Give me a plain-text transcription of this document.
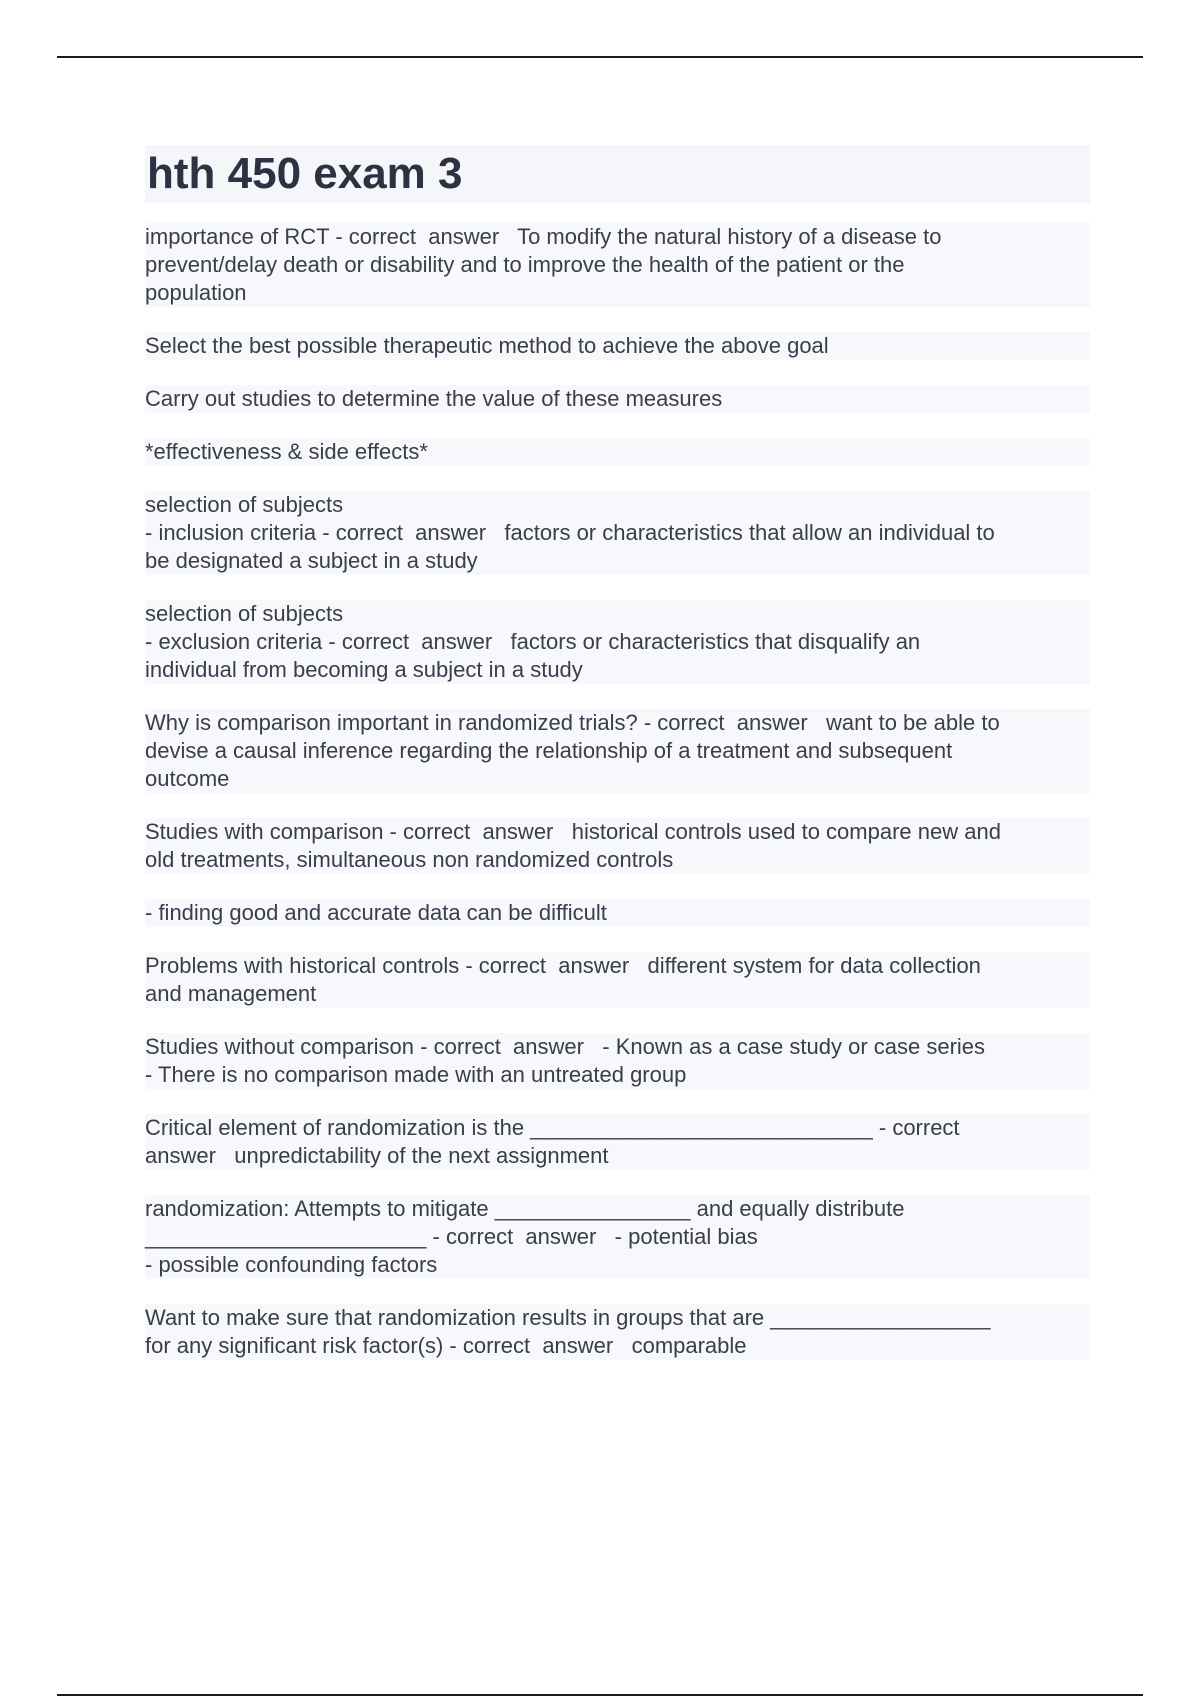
hth 450 exam 3
importance of RCT - correct  answer   To modify the natural history of a disease to
prevent/delay death or disability and to improve the health of the patient or the
population
Select the best possible therapeutic method to achieve the above goal
Carry out studies to determine the value of these measures
*effectiveness & side effects*
selection of subjects
- inclusion criteria - correct  answer   factors or characteristics that allow an individual to
be designated a subject in a study
selection of subjects
- exclusion criteria - correct  answer   factors or characteristics that disqualify an
individual from becoming a subject in a study
Why is comparison important in randomized trials? - correct  answer   want to be able to
devise a causal inference regarding the relationship of a treatment and subsequent
outcome
Studies with comparison - correct  answer   historical controls used to compare new and
old treatments, simultaneous non randomized controls
- finding good and accurate data can be difficult
Problems with historical controls - correct  answer   different system for data collection
and management
Studies without comparison - correct  answer   - Known as a case study or case series
- There is no comparison made with an untreated group
Critical element of randomization is the ____________________________ - correct
answer   unpredictability of the next assignment
randomization: Attempts to mitigate ________________ and equally distribute
_______________________ - correct  answer   - potential bias
- possible confounding factors
Want to make sure that randomization results in groups that are __________________
for any significant risk factor(s) - correct  answer   comparable
